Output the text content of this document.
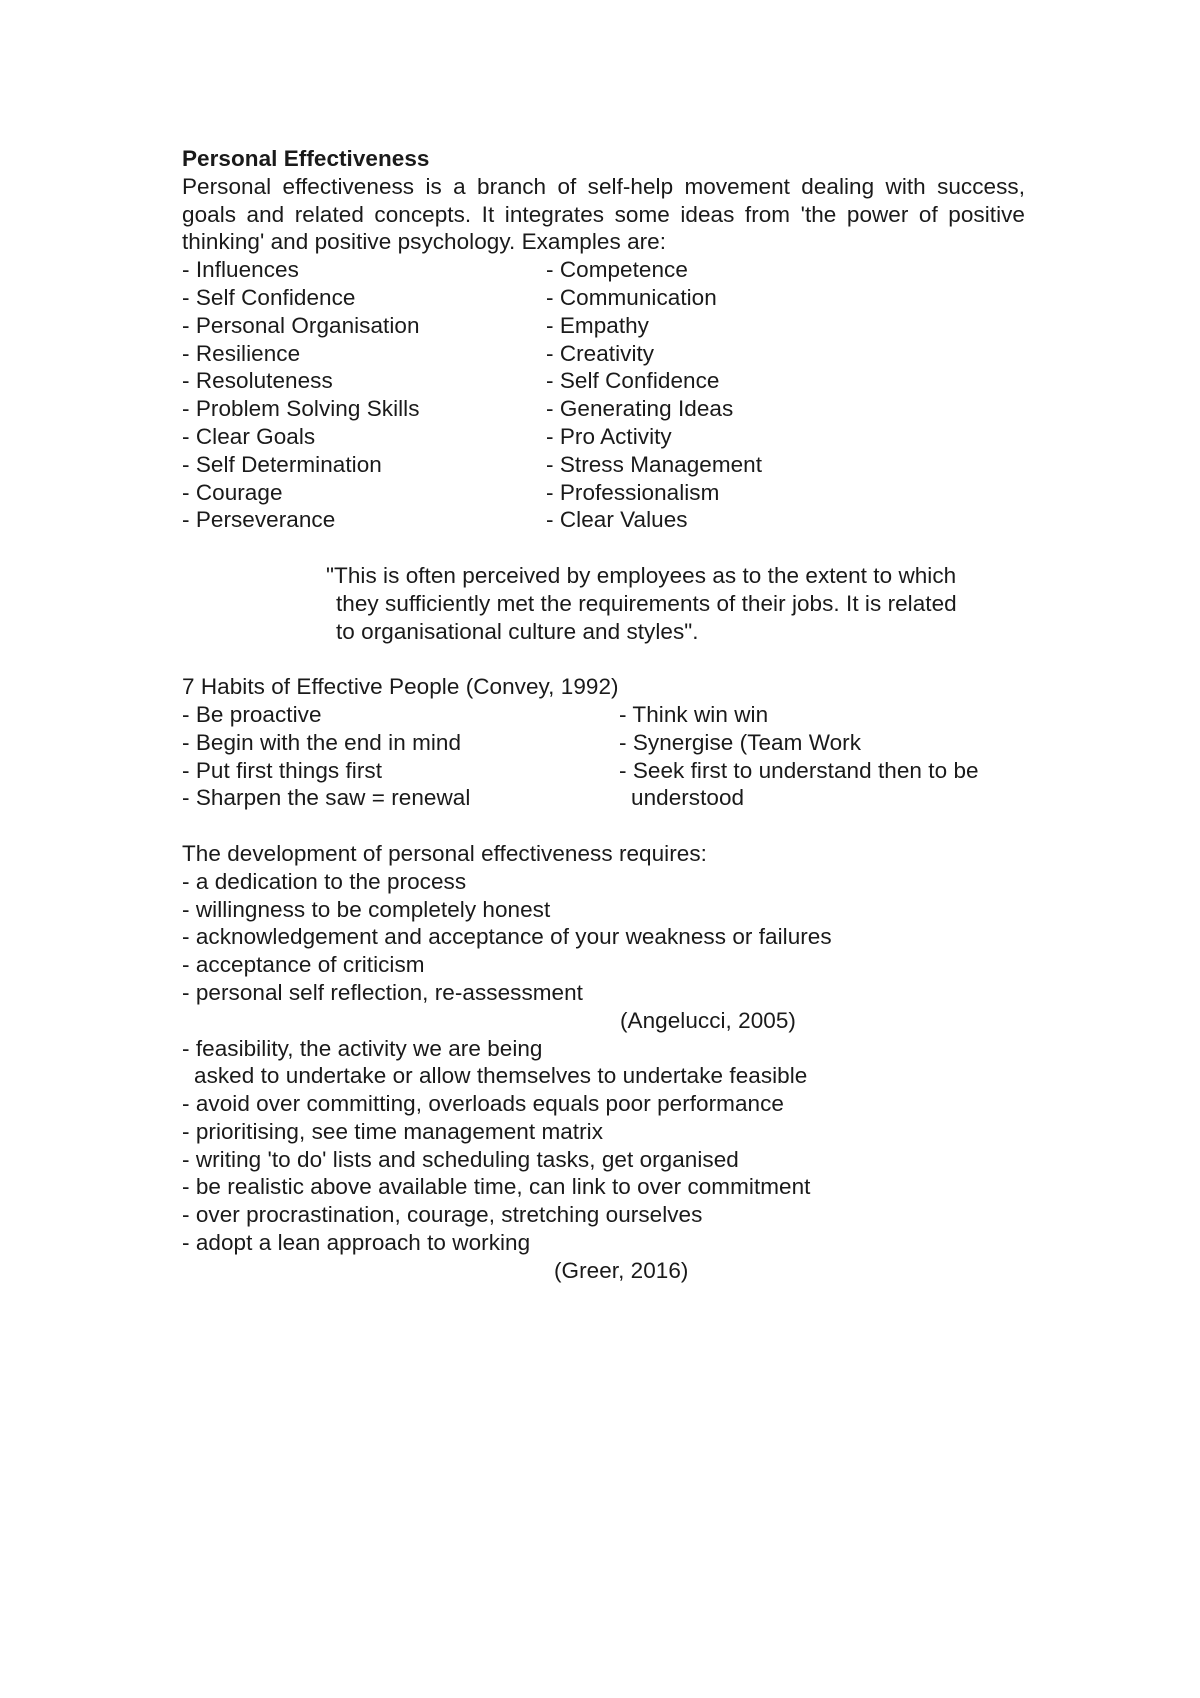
Personal Effectiveness
Personal effectiveness is a branch of self-help movement dealing with success, goals and related concepts. It integrates some ideas from 'the power of positive thinking' and positive psychology. Examples are:
- Influences	- Competence
- Self Confidence	- Communication
- Personal Organisation	- Empathy
- Resilience	- Creativity
- Resoluteness	- Self Confidence
- Problem Solving Skills	- Generating Ideas
- Clear Goals	- Pro Activity
- Self Determination	- Stress Management
- Courage	- Professionalism
- Perseverance	- Clear Values
"This is often perceived by employees as to the extent to which
they sufficiently met the requirements of their jobs. It is related
to organisational culture and styles".
7 Habits of Effective People (Convey, 1992)
- Be proactive	- Think win win
- Begin with the end in mind	- Synergise (Team Work
- Put first things first	- Seek first to understand then to be
- Sharpen the saw = renewal	understood
The development of personal effectiveness requires:
- a dedication to the process
- willingness to be completely honest
- acknowledgement and acceptance of your weakness or failures
- acceptance of criticism
- personal self reflection, re-assessment
(Angelucci, 2005)
- feasibility, the activity we are being
asked to undertake or allow themselves to undertake feasible
- avoid over committing, overloads equals poor performance
- prioritising, see time management matrix
- writing 'to do' lists and scheduling tasks, get organised
- be realistic above available time, can link to over commitment
- over procrastination, courage, stretching ourselves
- adopt a lean approach to working
(Greer, 2016)
